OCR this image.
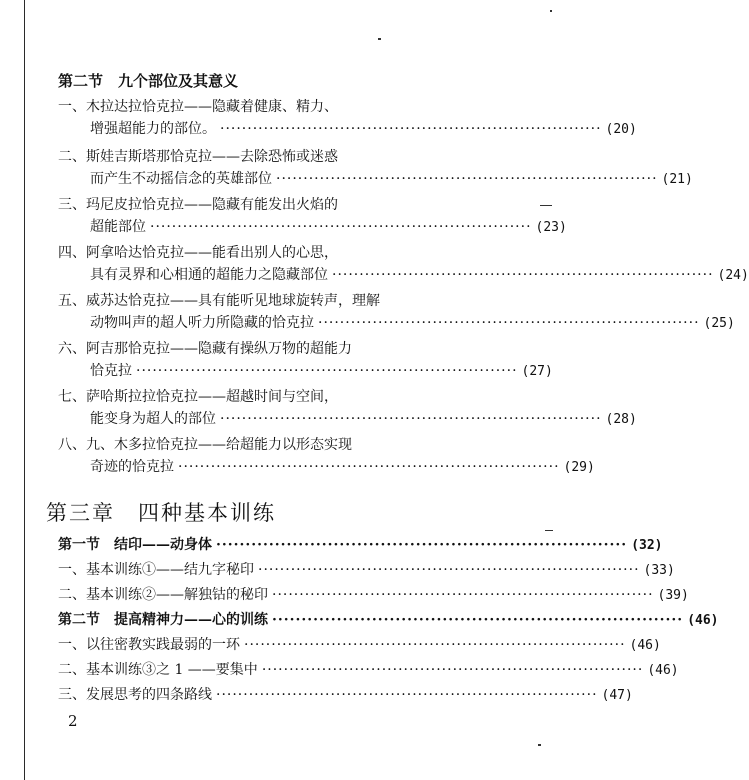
第二节　九个部位及其意义
一、木拉达拉恰克拉——隐藏着健康、精力、
增强超能力的部位。 ······································································ (20)
二、斯娃吉斯塔那恰克拉——去除恐怖或迷惑
而产生不动摇信念的英雄部位 ······································································ (21)
三、玛尼皮拉恰克拉——隐藏有能发出火焰的
超能部位 ······································································ (23)
四、阿拿哈达恰克拉——能看出别人的心思，
具有灵界和心相通的超能力之隐藏部位 ······································································ (24)
五、威苏达恰克拉——具有能听见地球旋转声，理解
动物叫声的超人听力所隐藏的恰克拉 ······································································ (25)
六、阿吉那恰克拉——隐藏有操纵万物的超能力
恰克拉 ······································································ (27)
七、萨哈斯拉拉恰克拉——超越时间与空间，
能变身为超人的部位 ······································································ (28)
八、九、木多拉恰克拉——给超能力以形态实现
奇迹的恰克拉 ······································································ (29)
第三章　四种基本训练
第一节　结印——动身体 ······································································ (32)
一、基本训练①——结九字秘印 ······································································ (33)
二、基本训练②——解独钴的秘印 ······································································ (39)
第二节　提高精神力——心的训练 ······································································ (46)
一、以往密教实践最弱的一环 ······································································ (46)
二、基本训练③之 1 ——要集中 ······································································ (46)
三、发展思考的四条路线 ······································································ (47)
2
